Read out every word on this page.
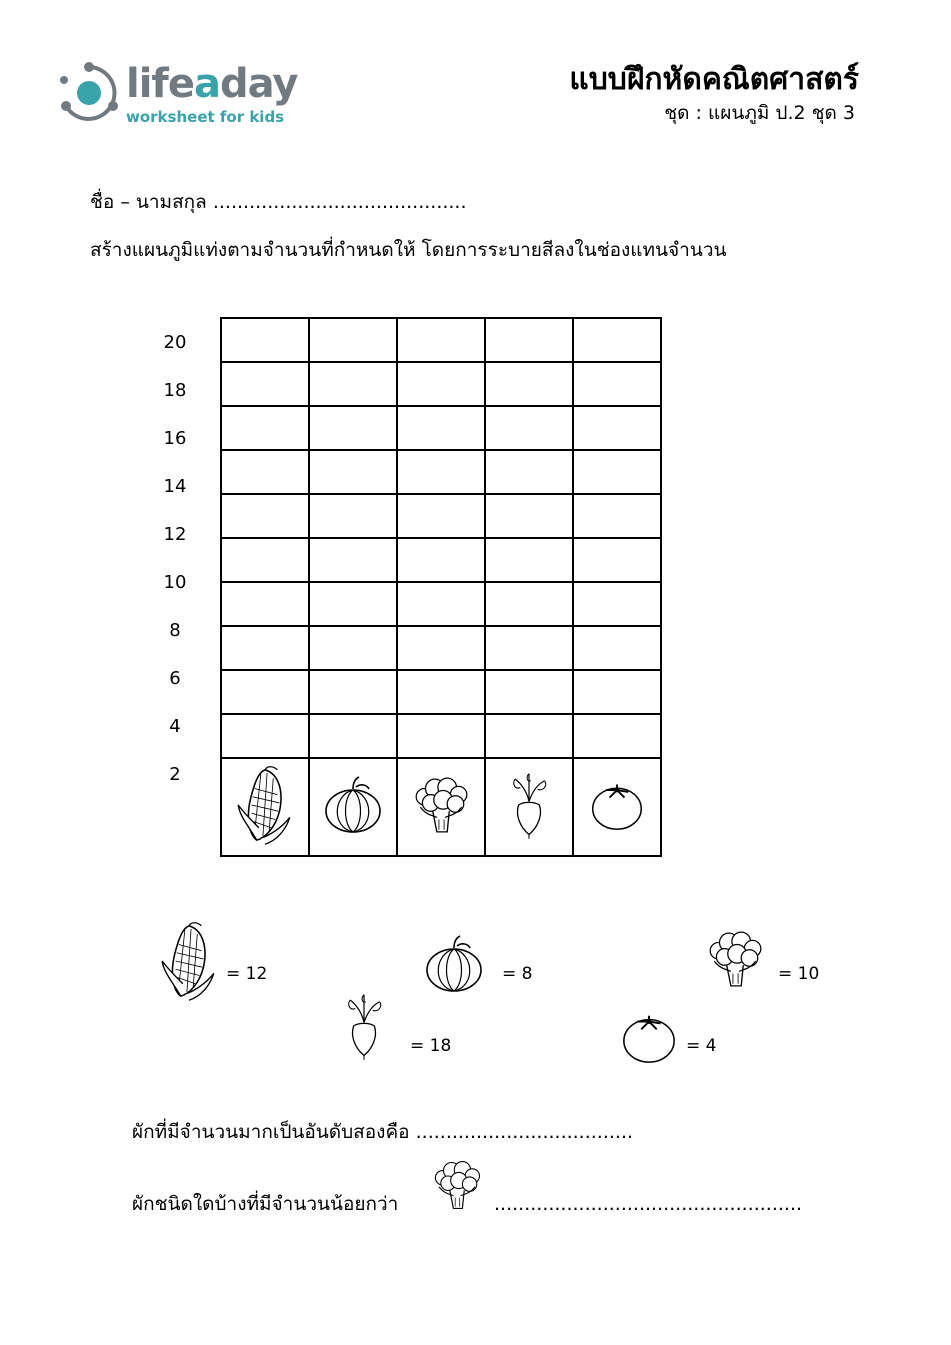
lifeaday
worksheet for kids
แบบฝึกหัดคณิตศาสตร์
ชุด : แผนภูมิ ป.2 ชุด 3
ชื่อ – นามสกุล ..........................................
สร้างแผนภูมิแท่งตามจำนวนที่กำหนดให้ โดยการระบายสีลงในช่องแทนจำนวน
20
18
16
14
12
10
8
6
4
2

= 12	= 8	= 10
= 18	= 4
ผักที่มีจำนวนมากเป็นอันดับสองคือ ....................................
ผักชนิดใดบ้างที่มีจำนวนน้อยกว่า	...................................................
